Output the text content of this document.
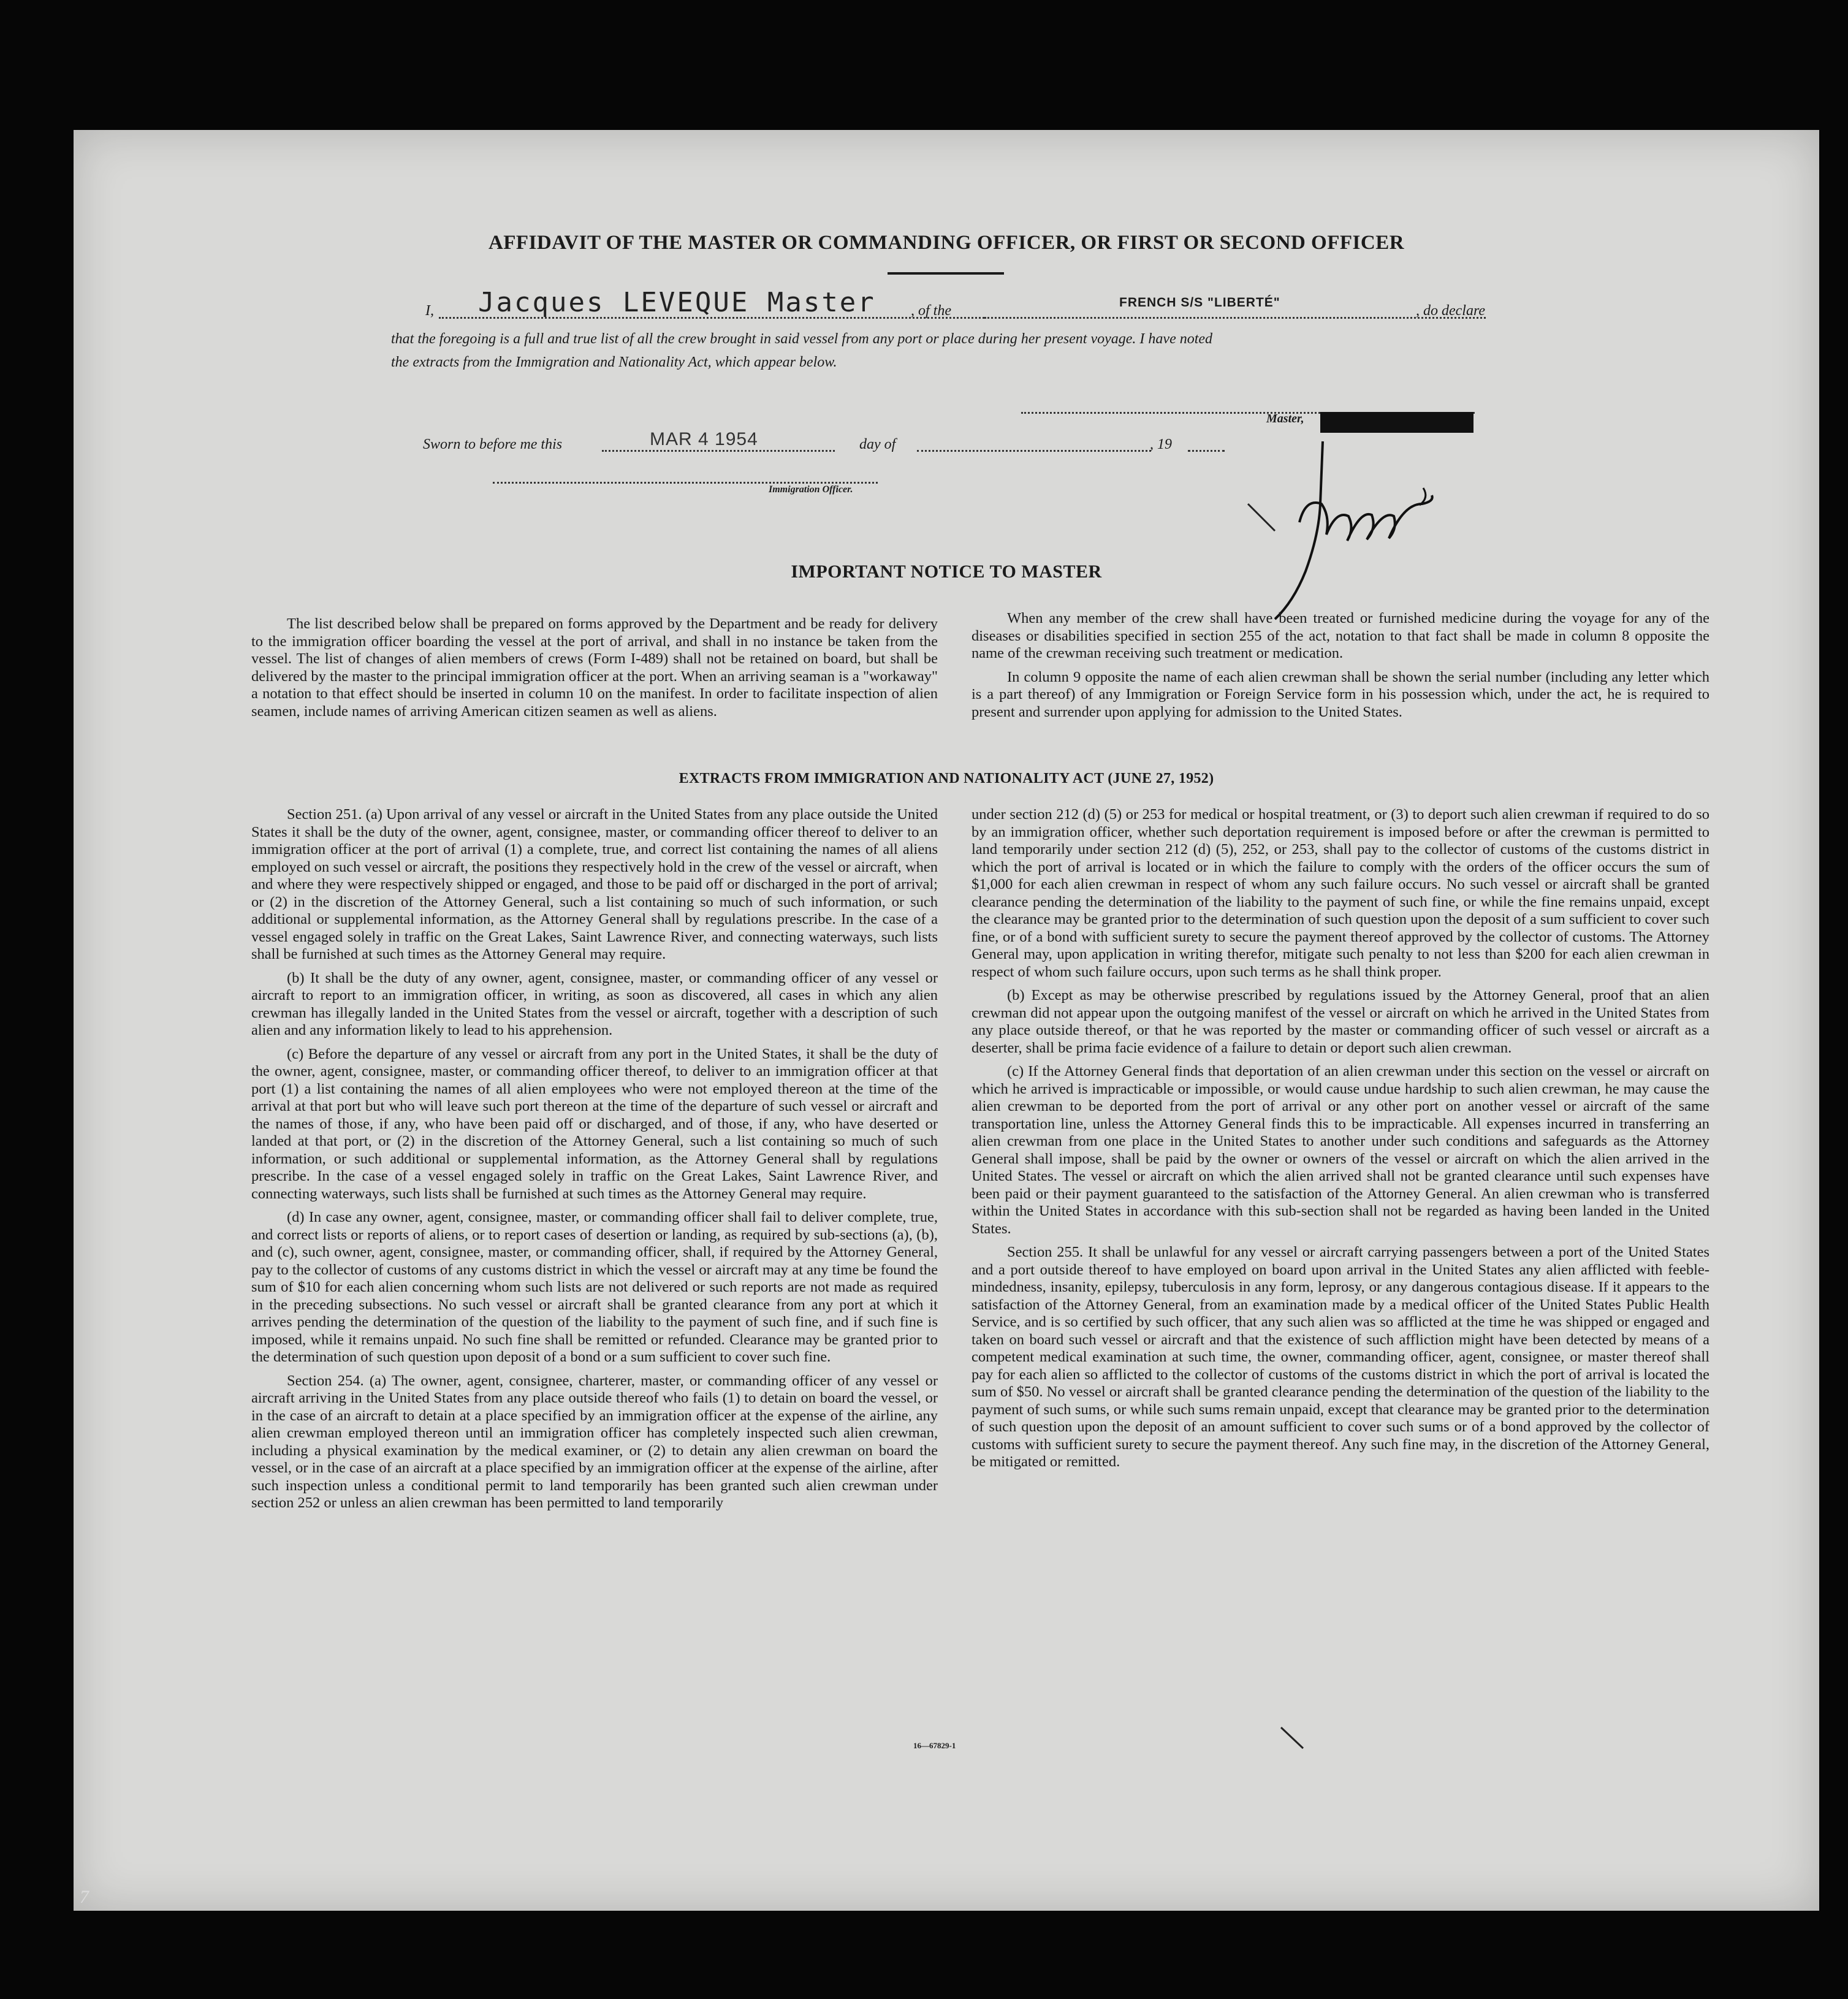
AFFIDAVIT OF THE MASTER OR COMMANDING OFFICER, OR FIRST OR SECOND OFFICER
I, Jacques LEVEQUE Master , of the
FRENCH S/S "LIBERTÉ"
, do declare
that the foregoing is a full and true list of all the crew brought in said vessel from any port or place during her present voyage. I have noted
the extracts from the Immigration and Nationality Act, which appear below.
Master,
Sworn to before me this	MAR 4 1954	day of	, 19
Immigration Officer.
IMPORTANT NOTICE TO MASTER

The list described below shall be prepared on forms approved by the Department and be ready for delivery to the immigration officer boarding the vessel at the port of arrival, and shall in no instance be taken from the vessel. The list of changes of alien members of crews (Form I-489) shall not be retained on board, but shall be delivered by the master to the principal immigration officer at the port. When an arriving seaman is a "workaway" a notation to that effect should be inserted in column 10 on the manifest. In order to facilitate inspection of alien seamen, include names of arriving American citizen seamen as well as aliens.

When any member of the crew shall have been treated or furnished medicine during the voyage for any of the diseases or disabilities specified in section 255 of the act, notation to that fact shall be made in column 8 opposite the name of the crewman receiving such treatment or medication.

In column 9 opposite the name of each alien crewman shall be shown the serial number (including any letter which is a part thereof) of any Immigration or Foreign Service form in his possession which, under the act, he is required to present and surrender upon applying for admission to the United States.

EXTRACTS FROM IMMIGRATION AND NATIONALITY ACT (JUNE 27, 1952)

Section 251. (a) Upon arrival of any vessel or aircraft in the United States from any place outside the United States it shall be the duty of the owner, agent, consignee, master, or commanding officer thereof to deliver to an immigration officer at the port of arrival (1) a complete, true, and correct list containing the names of all aliens employed on such vessel or aircraft, the positions they respectively hold in the crew of the vessel or aircraft, when and where they were respectively shipped or engaged, and those to be paid off or discharged in the port of arrival; or (2) in the discretion of the Attorney General, such a list containing so much of such information, or such additional or supplemental information, as the Attorney General shall by regulations prescribe. In the case of a vessel engaged solely in traffic on the Great Lakes, Saint Lawrence River, and connecting waterways, such lists shall be furnished at such times as the Attorney General may require.

(b) It shall be the duty of any owner, agent, consignee, master, or commanding officer of any vessel or aircraft to report to an immigration officer, in writing, as soon as discovered, all cases in which any alien crewman has illegally landed in the United States from the vessel or aircraft, together with a description of such alien and any information likely to lead to his apprehension.

(c) Before the departure of any vessel or aircraft from any port in the United States, it shall be the duty of the owner, agent, consignee, master, or commanding officer thereof, to deliver to an immigration officer at that port (1) a list containing the names of all alien employees who were not employed thereon at the time of the arrival at that port but who will leave such port thereon at the time of the departure of such vessel or aircraft and the names of those, if any, who have been paid off or discharged, and of those, if any, who have deserted or landed at that port, or (2) in the discretion of the Attorney General, such a list containing so much of such information, or such additional or supplemental information, as the Attorney General shall by regulations prescribe. In the case of a vessel engaged solely in traffic on the Great Lakes, Saint Lawrence River, and connecting waterways, such lists shall be furnished at such times as the Attorney General may require.

(d) In case any owner, agent, consignee, master, or commanding officer shall fail to deliver complete, true, and correct lists or reports of aliens, or to report cases of desertion or landing, as required by sub-sections (a), (b), and (c), such owner, agent, consignee, master, or commanding officer, shall, if required by the Attorney General, pay to the collector of customs of any customs district in which the vessel or aircraft may at any time be found the sum of $10 for each alien concerning whom such lists are not delivered or such reports are not made as required in the preceding subsections. No such vessel or aircraft shall be granted clearance from any port at which it arrives pending the determination of the question of the liability to the payment of such fine, and if such fine is imposed, while it remains unpaid. No such fine shall be remitted or refunded. Clearance may be granted prior to the determination of such question upon deposit of a bond or a sum sufficient to cover such fine.

Section 254. (a) The owner, agent, consignee, charterer, master, or commanding officer of any vessel or aircraft arriving in the United States from any place outside thereof who fails (1) to detain on board the vessel, or in the case of an aircraft to detain at a place specified by an immigration officer at the expense of the airline, any alien crewman employed thereon until an immigration officer has completely inspected such alien crewman, including a physical examination by the medical examiner, or (2) to detain any alien crewman on board the vessel, or in the case of an aircraft at a place specified by an immigration officer at the expense of the airline, after such inspection unless a conditional permit to land temporarily has been granted such alien crewman under section 252 or unless an alien crewman has been permitted to land temporarily

under section 212 (d) (5) or 253 for medical or hospital treatment, or (3) to deport such alien crewman if required to do so by an immigration officer, whether such deportation requirement is imposed before or after the crewman is permitted to land temporarily under section 212 (d) (5), 252, or 253, shall pay to the collector of customs of the customs district in which the port of arrival is located or in which the failure to comply with the orders of the officer occurs the sum of $1,000 for each alien crewman in respect of whom any such failure occurs. No such vessel or aircraft shall be granted clearance pending the determination of the liability to the payment of such fine, or while the fine remains unpaid, except the clearance may be granted prior to the determination of such question upon the deposit of a sum sufficient to cover such fine, or of a bond with sufficient surety to secure the payment thereof approved by the collector of customs. The Attorney General may, upon application in writing therefor, mitigate such penalty to not less than $200 for each alien crewman in respect of whom such failure occurs, upon such terms as he shall think proper.

(b) Except as may be otherwise prescribed by regulations issued by the Attorney General, proof that an alien crewman did not appear upon the outgoing manifest of the vessel or aircraft on which he arrived in the United States from any place outside thereof, or that he was reported by the master or commanding officer of such vessel or aircraft as a deserter, shall be prima facie evidence of a failure to detain or deport such alien crewman.

(c) If the Attorney General finds that deportation of an alien crewman under this section on the vessel or aircraft on which he arrived is impracticable or impossible, or would cause undue hardship to such alien crewman, he may cause the alien crewman to be deported from the port of arrival or any other port on another vessel or aircraft of the same transportation line, unless the Attorney General finds this to be impracticable. All expenses incurred in transferring an alien crewman from one place in the United States to another under such conditions and safeguards as the Attorney General shall impose, shall be paid by the owner or owners of the vessel or aircraft on which the alien arrived in the United States. The vessel or aircraft on which the alien arrived shall not be granted clearance until such expenses have been paid or their payment guaranteed to the satisfaction of the Attorney General. An alien crewman who is transferred within the United States in accordance with this sub-section shall not be regarded as having been landed in the United States.

Section 255. It shall be unlawful for any vessel or aircraft carrying passengers between a port of the United States and a port outside thereof to have employed on board upon arrival in the United States any alien afflicted with feeble-mindedness, insanity, epilepsy, tuberculosis in any form, leprosy, or any dangerous contagious disease. If it appears to the satisfaction of the Attorney General, from an examination made by a medical officer of the United States Public Health Service, and is so certified by such officer, that any such alien was so afflicted at the time he was shipped or engaged and taken on board such vessel or aircraft and that the existence of such affliction might have been detected by means of a competent medical examination at such time, the owner, commanding officer, agent, consignee, or master thereof shall pay for each alien so afflicted to the collector of customs of the customs district in which the port of arrival is located the sum of $50. No vessel or aircraft shall be granted clearance pending the determination of the question of the liability to the payment of such sums, or while such sums remain unpaid, except that clearance may be granted prior to the determination of such question upon the deposit of an amount sufficient to cover such sums or of a bond approved by the collector of customs with sufficient surety to secure the payment thereof. Any such fine may, in the discretion of the Attorney General, be mitigated or remitted.

16—67829-1
7
